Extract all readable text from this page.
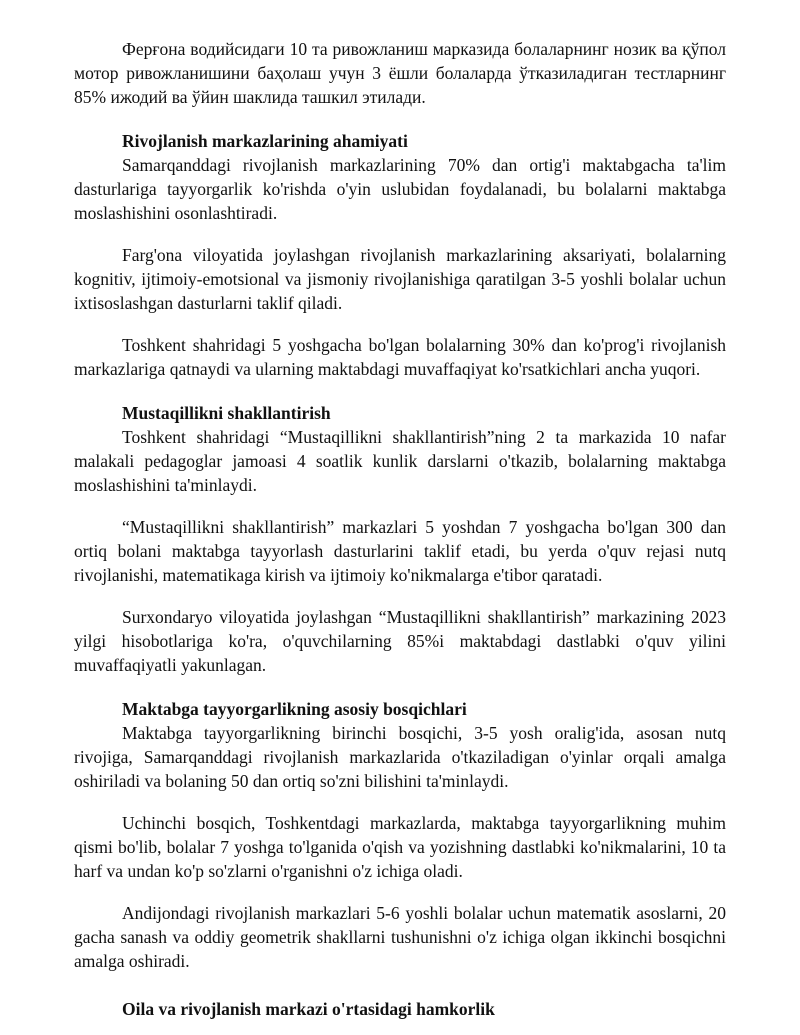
Ферғона водийсидаги 10 та ривожланиш марказида болаларнинг нозик ва қўпол мотор ривожланишини баҳолаш учун 3 ёшли болаларда ўтказиладиган тестларнинг 85% ижодий ва ўйин шаклида ташкил этилади.

Rivojlanish markazlarining ahamiyati

Samarqanddagi rivojlanish markazlarining 70% dan ortig'i maktabgacha ta'lim dasturlariga tayyorgarlik ko'rishda o'yin uslubidan foydalanadi, bu bolalarni maktabga moslashishini osonlashtiradi.

Farg'ona viloyatida joylashgan rivojlanish markazlarining aksariyati, bolalarning kognitiv, ijtimoiy-emotsional va jismoniy rivojlanishiga qaratilgan 3-5 yoshli bolalar uchun ixtisoslashgan dasturlarni taklif qiladi.

Toshkent shahridagi 5 yoshgacha bo'lgan bolalarning 30% dan ko'prog'i rivojlanish markazlariga qatnaydi va ularning maktabdagi muvaffaqiyat ko'rsatkichlari ancha yuqori.

Mustaqillikni shakllantirish

Toshkent shahridagi “Mustaqillikni shakllantirish”ning 2 ta markazida 10 nafar malakali pedagoglar jamoasi 4 soatlik kunlik darslarni o'tkazib, bolalarning maktabga moslashishini ta'minlaydi.

“Mustaqillikni shakllantirish” markazlari 5 yoshdan 7 yoshgacha bo'lgan 300 dan ortiq bolani maktabga tayyorlash dasturlarini taklif etadi, bu yerda o'quv rejasi nutq rivojlanishi, matematikaga kirish va ijtimoiy ko'nikmalarga e'tibor qaratadi.

Surxondaryo viloyatida joylashgan “Mustaqillikni shakllantirish” markazining 2023 yilgi hisobotlariga ko'ra, o'quvchilarning 85%i maktabdagi dastlabki o'quv yilini muvaffaqiyatli yakunlagan.

Maktabga tayyorgarlikning asosiy bosqichlari

Maktabga tayyorgarlikning birinchi bosqichi, 3-5 yosh oralig'ida, asosan nutq rivojiga, Samarqanddagi rivojlanish markazlarida o'tkaziladigan o'yinlar orqali amalga oshiriladi va bolaning 50 dan ortiq so'zni bilishini ta'minlaydi.

Uchinchi bosqich, Toshkentdagi markazlarda, maktabga tayyorgarlikning muhim qismi bo'lib, bolalar 7 yoshga to'lganida o'qish va yozishning dastlabki ko'nikmalarini, 10 ta harf va undan ko'p so'zlarni o'rganishni o'z ichiga oladi.

Andijondagi rivojlanish markazlari 5-6 yoshli bolalar uchun matematik asoslarni, 20 gacha sanash va oddiy geometrik shakllarni tushunishni o'z ichiga olgan ikkinchi bosqichni amalga oshiradi.

Oila va rivojlanish markazi o'rtasidagi hamkorlik
